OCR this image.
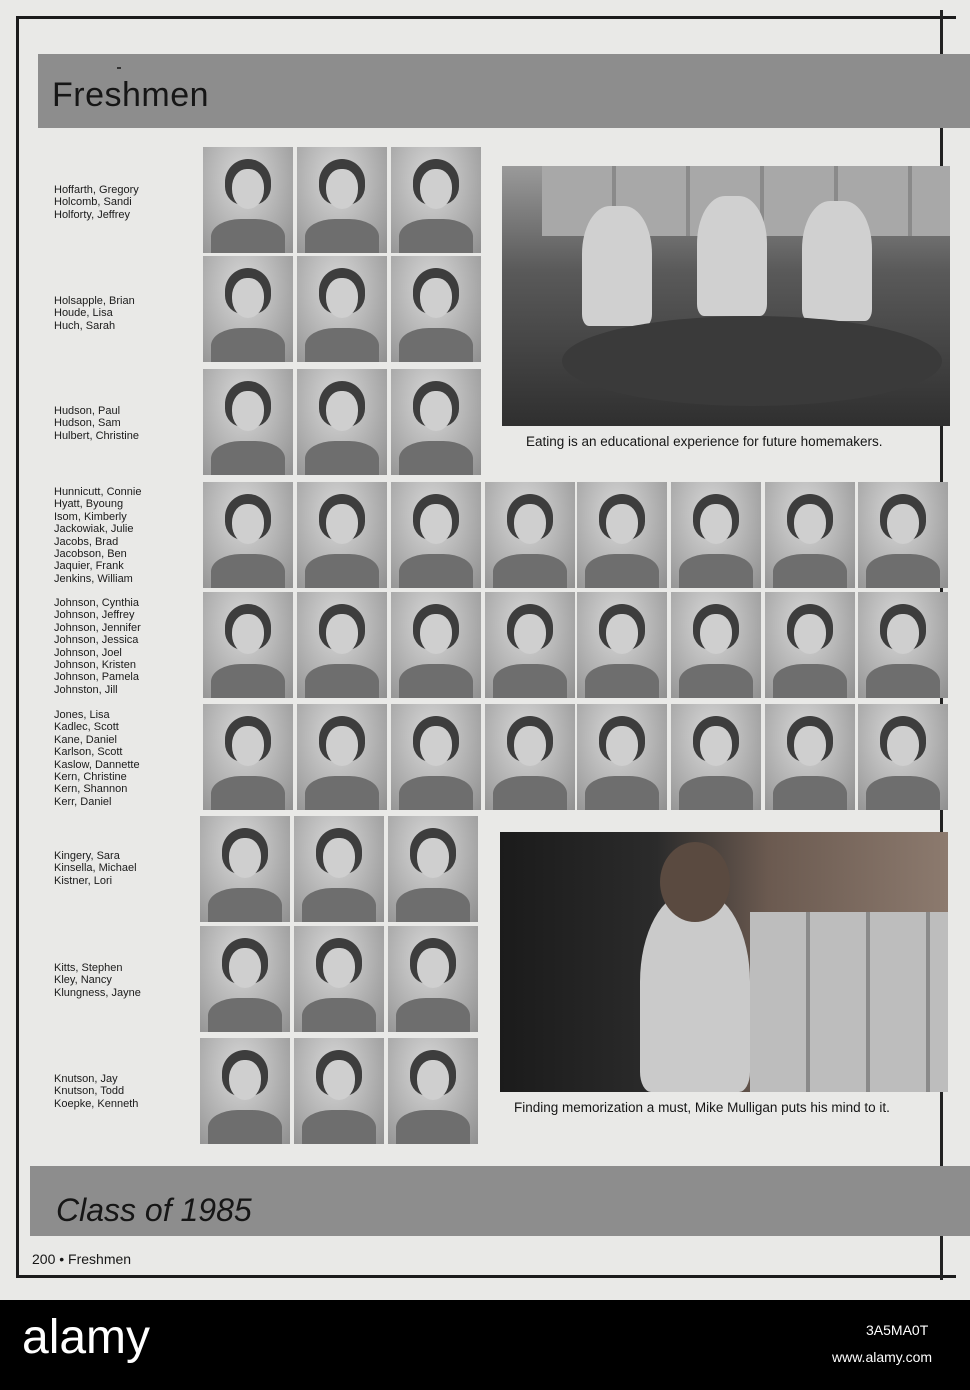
Freshmen
Hoffarth, Gregory
Holcomb, Sandi
Holforty, Jeffrey
Holsapple, Brian
Houde, Lisa
Huch, Sarah
Hudson, Paul
Hudson, Sam
Hulbert, Christine
Hunnicutt, Connie
Hyatt, Byoung
Isom, Kimberly
Jackowiak, Julie
Jacobs, Brad
Jacobson, Ben
Jaquier, Frank
Jenkins, William
Johnson, Cynthia
Johnson, Jeffrey
Johnson, Jennifer
Johnson, Jessica
Johnson, Joel
Johnson, Kristen
Johnson, Pamela
Johnston, Jill
Jones, Lisa
Kadlec, Scott
Kane, Daniel
Karlson, Scott
Kaslow, Dannette
Kern, Christine
Kern, Shannon
Kerr, Daniel
Kingery, Sara
Kinsella, Michael
Kistner, Lori
Kitts, Stephen
Kley, Nancy
Klungness, Jayne
Knutson, Jay
Knutson, Todd
Koepke, Kenneth
Eating is an educational experience for future homemakers.
Finding memorization a must, Mike Mulligan puts his mind to it.
Class of 1985
200 • Freshmen
alamy	3A5MA0T
www.alamy.com
